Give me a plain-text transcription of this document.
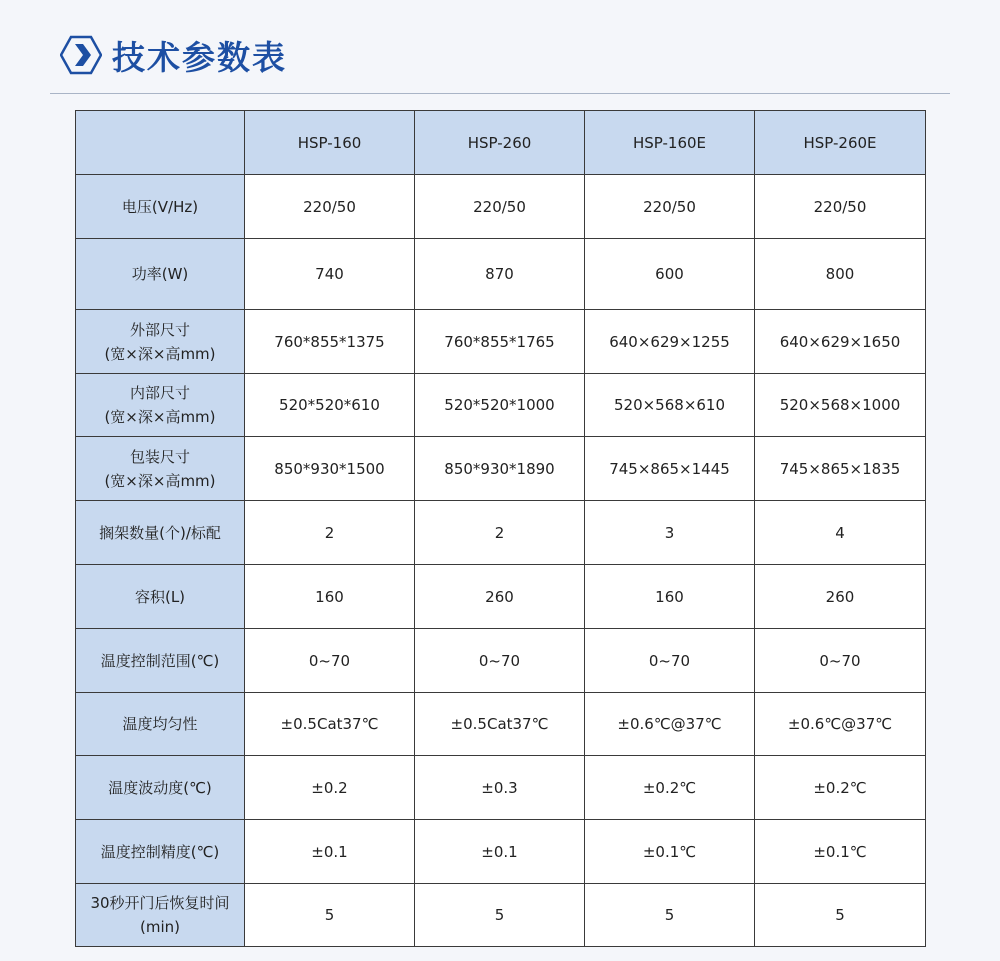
技术参数表
	HSP-160	HSP-260	HSP-160E	HSP-260E

电压(V/Hz)	220/50	220/50	220/50	220/50

功率(W)	740	870	600	800

外部尺寸
(宽×深×高mm)	760*855*1375	760*855*1765	640×629×1255	640×629×1650

内部尺寸
(宽×深×高mm)	520*520*610	520*520*1000	520×568×610	520×568×1000

包装尺寸
(宽×深×高mm)	850*930*1500	850*930*1890	745×865×1445	745×865×1835

搁架数量(个)/标配	2	2	3	4

容积(L)	160	260	160	260

温度控制范围(℃)	0~70	0~70	0~70	0~70

温度均匀性	±0.5Cat37℃	±0.5Cat37℃	±0.6℃@37℃	±0.6℃@37℃

温度波动度(℃)	±0.2	±0.3	±0.2℃	±0.2℃

温度控制精度(℃)	±0.1	±0.1	±0.1℃	±0.1℃

30秒开门后恢复时间
(min)	5	5	5	5
